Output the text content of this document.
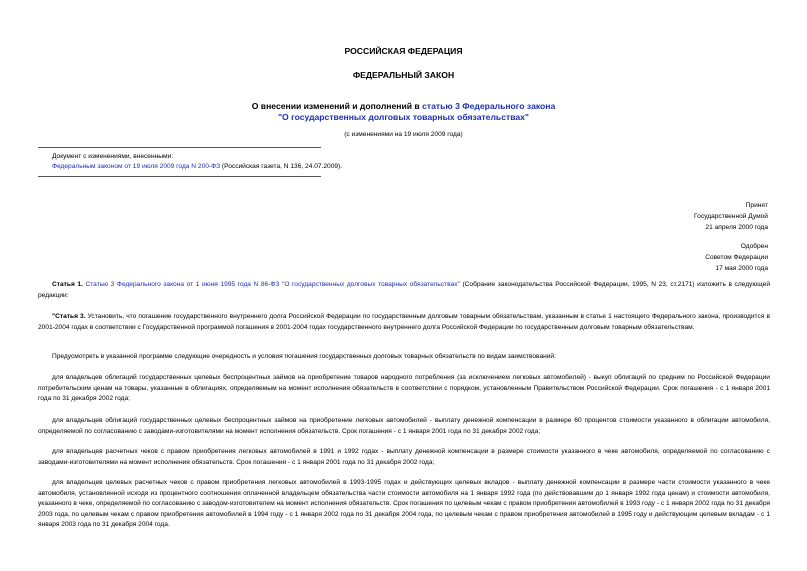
РОССИЙСКАЯ ФЕДЕРАЦИЯ
ФЕДЕРАЛЬНЫЙ ЗАКОН
О внесении изменений и дополнений в статью 3 Федерального закона
"О государственных долговых товарных обязательствах"
(с изменениями на 19 июля 2009 года)
Документ с изменениями, внесенными:
Федеральным законом от 19 июля 2009 года N 200-ФЗ (Российская газета, N 136, 24.07.2009).
Принят
Государственной Думой
21 апреля 2000 года
Одобрен
Советом Федерации
17 мая 2000 года
Статья 1. Статью 3 Федерального закона от 1 июня 1995 года N 86-ФЗ "О государственных долговых товарных обязательствах" (Собрание законодательства Российской Федерации, 1995, N 23, ст.2171) изложить в следующей редакции:
"Статья 3. Установить, что погашение государственного внутреннего долга Российской Федерации по государственным долговым товарным обязательствам, указанным в статье 1 настоящего Федерального закона, производится в 2001-2004 годах в соответствии с Государственной программой погашения в 2001-2004 годах государственного внутреннего долга Российской Федерации по государственным долговым товарным обязательствам.
Предусмотреть в указанной программе следующие очередность и условия погашения государственных долговых товарных обязательств по видам заимствований:
для владельцев облигаций государственных целевых беспроцентных займов на приобретение товаров народного потребления (за исключением легковых автомобилей) - выкуп облигаций по средним по Российской Федерации потребительским ценам на товары, указанные в облигациях, определяемым на момент исполнения обязательств в соответствии с порядком, установленным Правительством Российской Федерации. Срок погашения - с 1 января 2001 года по 31 декабря 2002 года;
для владельцев облигаций государственных целевых беспроцентных займов на приобретение легковых автомобилей - выплату денежной компенсации в размере 60 процентов стоимости указанного в облигации автомобиля, определяемой по согласованию с заводами-изготовителями на момент исполнения обязательств. Срок погашения - с 1 января 2001 года по 31 декабря 2002 года;
для владельцев расчетных чеков с правом приобретения легковых автомобилей в 1991 и 1992 годах - выплату денежной компенсации в размере стоимости указанного в чеке автомобиля, определяемой по согласованию с заводами-изготовителями на момент исполнения обязательств. Срок погашения - с 1 января 2001 года по 31 декабря 2002 года;
для владельцев целевых расчетных чеков с правом приобретения легковых автомобилей в 1993-1995 годах и действующих целевых вкладов - выплату денежной компенсации в размере части стоимости указанного в чеке автомобиля, установленной исходя из процентного соотношения оплаченной владельцем обязательства части стоимости автомобиля на 1 января 1992 года (по действовавшим до 1 января 1992 года ценам) и стоимости автомобиля, указанного в чеке, определяемой по согласованию с заводом-изготовителем на момент исполнения обязательств. Срок погашения по целевым чекам с правом приобретения автомобилей в 1993 году - с 1 января 2002 года по 31 декабря 2003 года, по целевым чекам с правом приобретения автомобилей в 1994 году - с 1 января 2002 года по 31 декабря 2004 года, по целевым чекам с правом приобретения автомобилей в 1995 году и действующим целевым вкладам - с 1 января 2003 года по 31 декабря 2004 года.
